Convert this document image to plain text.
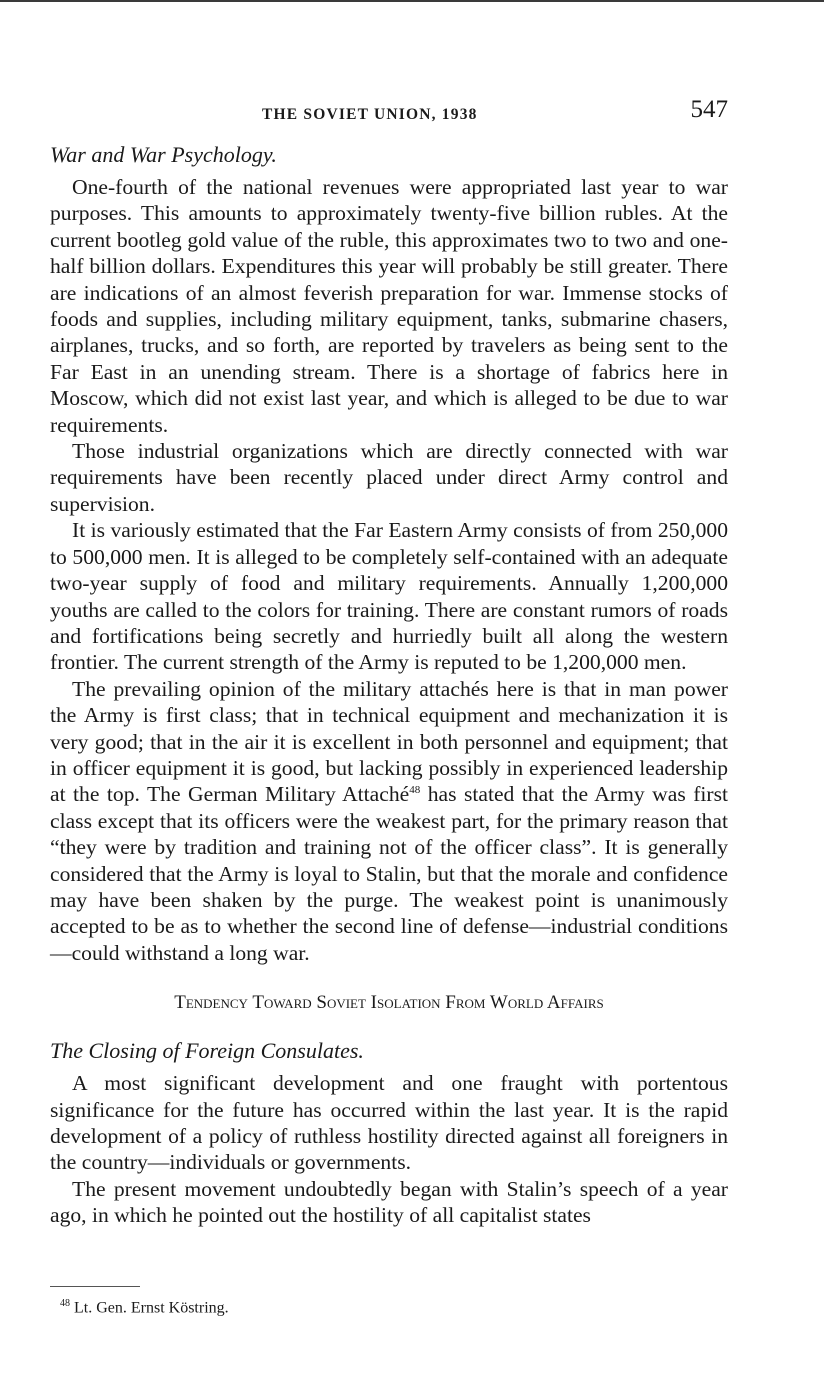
THE SOVIET UNION, 1938	547
War and War Psychology.

One-fourth of the national revenues were appropriated last year to war purposes. This amounts to approximately twenty-five billion rubles. At the current bootleg gold value of the ruble, this approximates two to two and one-half billion dollars. Expenditures this year will probably be still greater. There are indications of an almost feverish preparation for war. Immense stocks of foods and supplies, including military equipment, tanks, submarine chasers, airplanes, trucks, and so forth, are reported by travelers as being sent to the Far East in an unending stream. There is a shortage of fabrics here in Moscow, which did not exist last year, and which is alleged to be due to war requirements.

Those industrial organizations which are directly connected with war requirements have been recently placed under direct Army control and supervision.

It is variously estimated that the Far Eastern Army consists of from 250,000 to 500,000 men. It is alleged to be completely self-contained with an adequate two-year supply of food and military requirements. Annually 1,200,000 youths are called to the colors for training. There are constant rumors of roads and fortifications being secretly and hurriedly built all along the western frontier. The current strength of the Army is reputed to be 1,200,000 men.

The prevailing opinion of the military attachés here is that in man power the Army is first class; that in technical equipment and mechanization it is very good; that in the air it is excellent in both personnel and equipment; that in officer equipment it is good, but lacking possibly in experienced leadership at the top. The German Military Attaché$^{48}$ has stated that the Army was first class except that its officers were the weakest part, for the primary reason that “they were by tradition and training not of the officer class”. It is generally considered that the Army is loyal to Stalin, but that the morale and confidence may have been shaken by the purge. The weakest point is unanimously accepted to be as to whether the second line of defense—industrial conditions—could withstand a long war.

Tendency Toward Soviet Isolation From World Affairs
The Closing of Foreign Consulates.

A most significant development and one fraught with portentous significance for the future has occurred within the last year. It is the rapid development of a policy of ruthless hostility directed against all foreigners in the country—individuals or governments.

The present movement undoubtedly began with Stalin’s speech of a year ago, in which he pointed out the hostility of all capitalist states

$^{48}$ Lt. Gen. Ernst Köstring.
